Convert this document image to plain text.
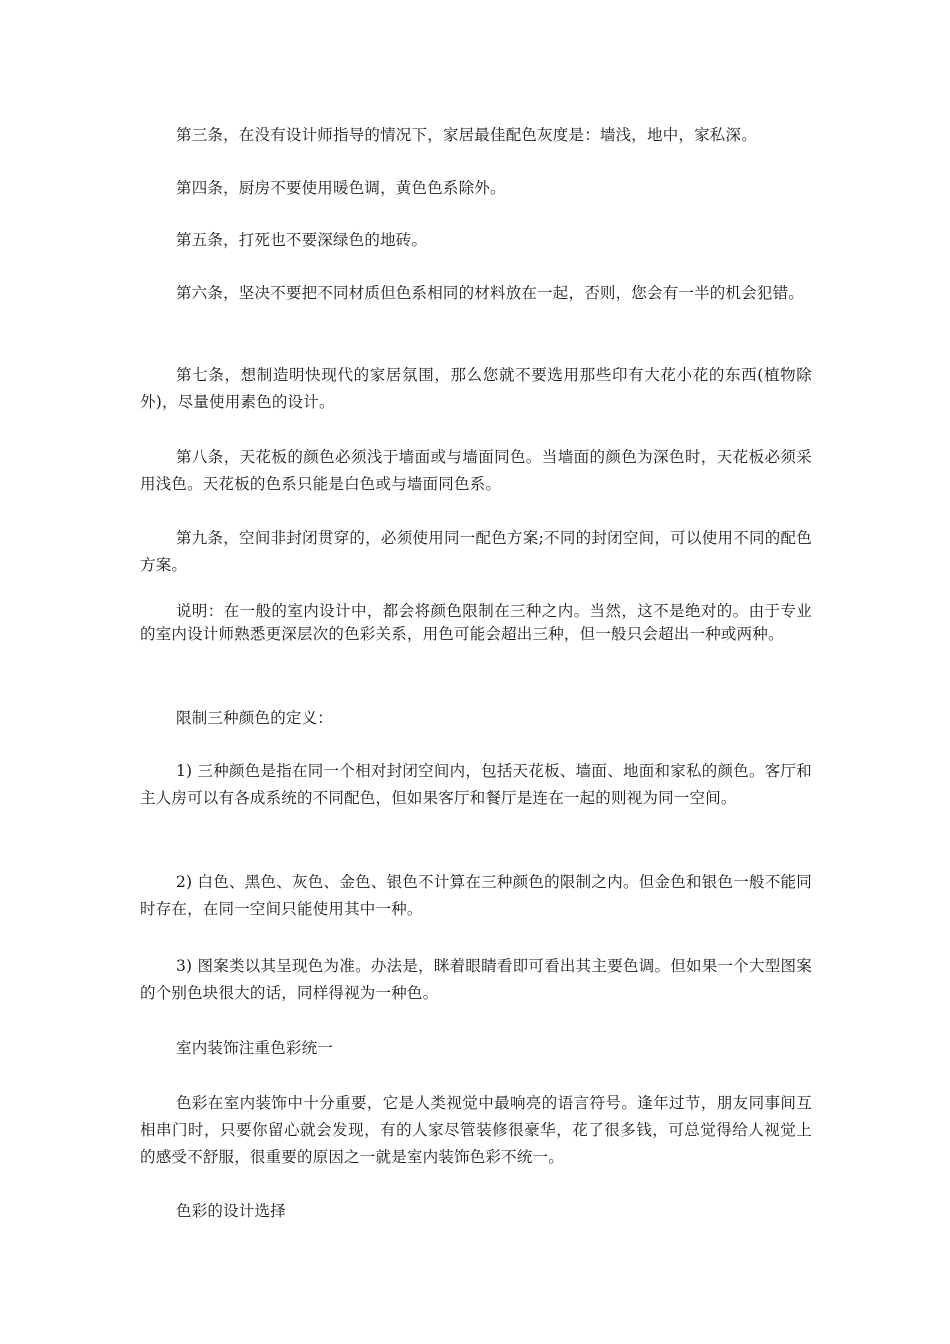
第三条，在没有设计师指导的情况下，家居最佳配色灰度是：墙浅，地中，家私深。

第四条，厨房不要使用暖色调，黄色色系除外。

第五条，打死也不要深绿色的地砖。

第六条，坚决不要把不同材质但色系相同的材料放在一起，否则，您会有一半的机会犯错。

第七条，想制造明快现代的家居氛围，那么您就不要选用那些印有大花小花的东西(植物除外)，尽量使用素色的设计。

第八条，天花板的颜色必须浅于墙面或与墙面同色。当墙面的颜色为深色时，天花板必须采用浅色。天花板的色系只能是白色或与墙面同色系。

第九条，空间非封闭贯穿的，必须使用同一配色方案;不同的封闭空间，可以使用不同的配色方案。

说明：在一般的室内设计中，都会将颜色限制在三种之内。当然，这不是绝对的。由于专业的室内设计师熟悉更深层次的色彩关系，用色可能会超出三种，但一般只会超出一种或两种。

限制三种颜色的定义：

1) 三种颜色是指在同一个相对封闭空间内，包括天花板、墙面、地面和家私的颜色。客厅和主人房可以有各成系统的不同配色，但如果客厅和餐厅是连在一起的则视为同一空间。

2) 白色、黑色、灰色、金色、银色不计算在三种颜色的限制之内。但金色和银色一般不能同时存在，在同一空间只能使用其中一种。

3) 图案类以其呈现色为准。办法是，眯着眼睛看即可看出其主要色调。但如果一个大型图案的个别色块很大的话，同样得视为一种色。

室内装饰注重色彩统一

色彩在室内装饰中十分重要，它是人类视觉中最响亮的语言符号。逢年过节，朋友同事间互相串门时，只要你留心就会发现，有的人家尽管装修很豪华，花了很多钱，可总觉得给人视觉上的感受不舒服，很重要的原因之一就是室内装饰色彩不统一。

色彩的设计选择
